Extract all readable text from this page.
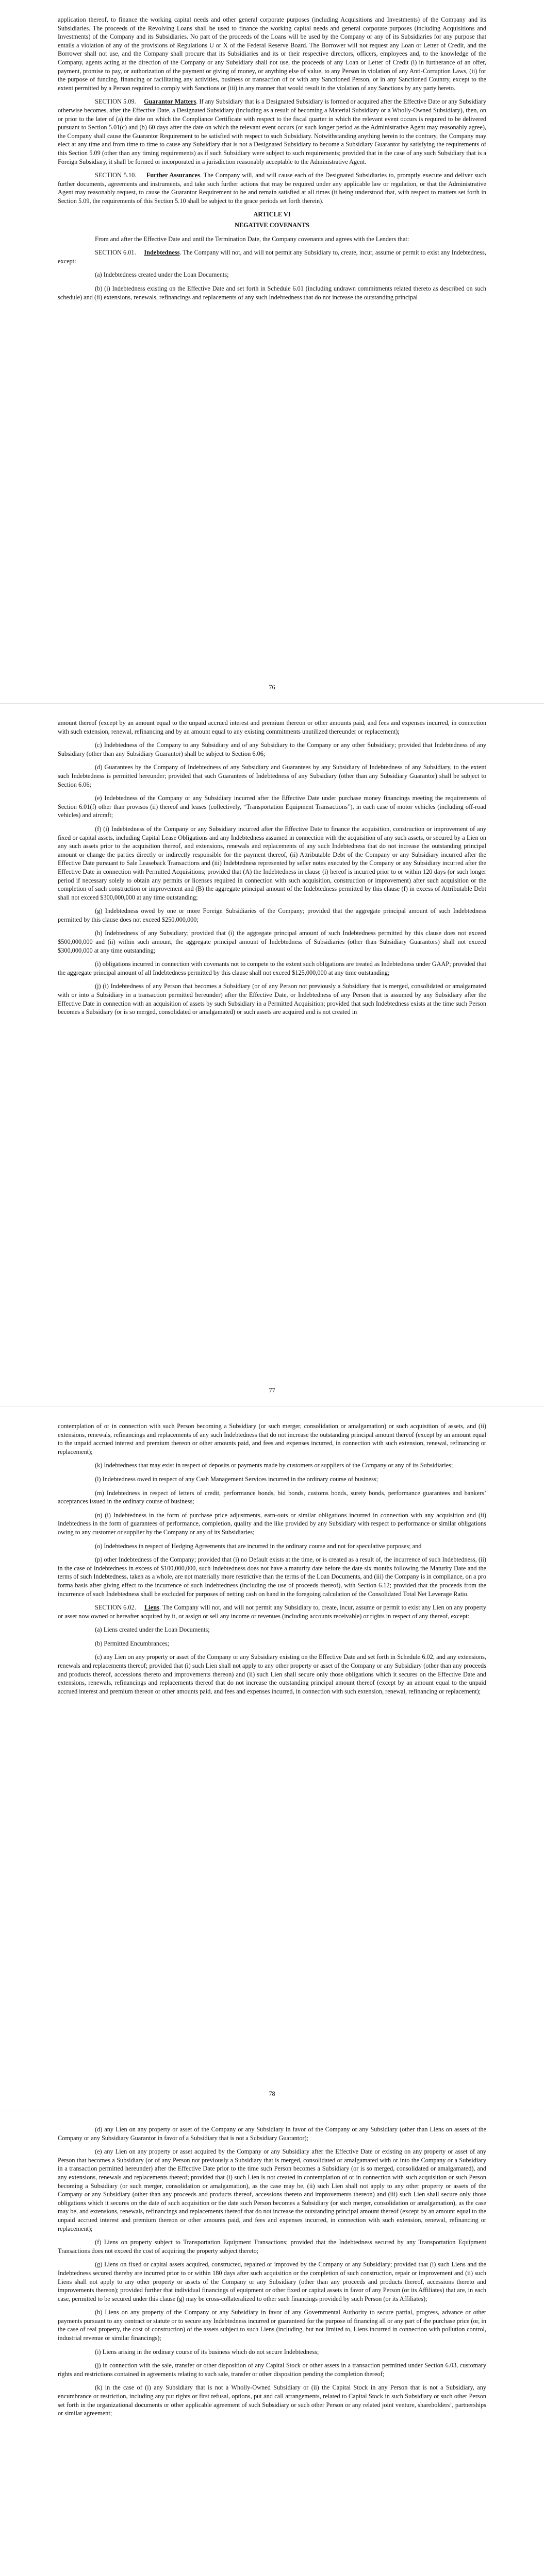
application thereof, to finance the working capital needs and other general corporate purposes (including Acquisitions and Investments) of the Company and its Subsidiaries. The proceeds of the Revolving Loans shall be used to finance the working capital needs and general corporate purposes (including Acquisitions and Investments) of the Company and its Subsidiaries. No part of the proceeds of the Loans will be used by the Company or any of its Subsidiaries for any purpose that entails a violation of any of the provisions of Regulations U or X of the Federal Reserve Board. The Borrower will not request any Loan or Letter of Credit, and the Borrower shall not use, and the Company shall procure that its Subsidiaries and its or their respective directors, officers, employees and, to the knowledge of the Company, agents acting at the direction of the Company or any Subsidiary shall not use, the proceeds of any Loan or Letter of Credit (i) in furtherance of an offer, payment, promise to pay, or authorization of the payment or giving of money, or anything else of value, to any Person in violation of any Anti-Corruption Laws, (ii) for the purpose of funding, financing or facilitating any activities, business or transaction of or with any Sanctioned Person, or in any Sanctioned Country, except to the extent permitted by a Person required to comply with Sanctions or (iii) in any manner that would result in the violation of any Sanctions by any party hereto.

SECTION 5.09. Guarantor Matters. If any Subsidiary that is a Designated Subsidiary is formed or acquired after the Effective Date or any Subsidiary otherwise becomes, after the Effective Date, a Designated Subsidiary (including as a result of becoming a Material Subsidiary or a Wholly-Owned Subsidiary), then, on or prior to the later of (a) the date on which the Compliance Certificate with respect to the fiscal quarter in which the relevant event occurs is required to be delivered pursuant to Section 5.01(c) and (b) 60 days after the date on which the relevant event occurs (or such longer period as the Administrative Agent may reasonably agree), the Company shall cause the Guarantor Requirement to be satisfied with respect to such Subsidiary. Notwithstanding anything herein to the contrary, the Company may elect at any time and from time to time to cause any Subsidiary that is not a Designated Subsidiary to become a Subsidiary Guarantor by satisfying the requirements of this Section 5.09 (other than any timing requirements) as if such Subsidiary were subject to such requirements; provided that in the case of any such Subsidiary that is a Foreign Subsidiary, it shall be formed or incorporated in a jurisdiction reasonably acceptable to the Administrative Agent.

SECTION 5.10. Further Assurances. The Company will, and will cause each of the Designated Subsidiaries to, promptly execute and deliver such further documents, agreements and instruments, and take such further actions that may be required under any applicable law or regulation, or that the Administrative Agent may reasonably request, to cause the Guarantor Requirement to be and remain satisfied at all times (it being understood that, with respect to matters set forth in Section 5.09, the requirements of this Section 5.10 shall be subject to the grace periods set forth therein).

ARTICLE VI

NEGATIVE COVENANTS

From and after the Effective Date and until the Termination Date, the Company covenants and agrees with the Lenders that:

SECTION 6.01. Indebtedness. The Company will not, and will not permit any Subsidiary to, create, incur, assume or permit to exist any Indebtedness, except:

(a) Indebtedness created under the Loan Documents;

(b) (i) Indebtedness existing on the Effective Date and set forth in Schedule 6.01 (including undrawn commitments related thereto as described on such schedule) and (ii) extensions, renewals, refinancings and replacements of any such Indebtedness that do not increase the outstanding principal

76

amount thereof (except by an amount equal to the unpaid accrued interest and premium thereon or other amounts paid, and fees and expenses incurred, in connection with such extension, renewal, refinancing and by an amount equal to any existing commitments unutilized thereunder or replacement);

(c) Indebtedness of the Company to any Subsidiary and of any Subsidiary to the Company or any other Subsidiary; provided that Indebtedness of any Subsidiary (other than any Subsidiary Guarantor) shall be subject to Section 6.06;

(d) Guarantees by the Company of Indebtedness of any Subsidiary and Guarantees by any Subsidiary of Indebtedness of any Subsidiary, to the extent such Indebtedness is permitted hereunder; provided that such Guarantees of Indebtedness of any Subsidiary (other than any Subsidiary Guarantor) shall be subject to Section 6.06;

(e) Indebtedness of the Company or any Subsidiary incurred after the Effective Date under purchase money financings meeting the requirements of Section 6.01(f) other than provisos (ii) thereof and leases (collectively, “Transportation Equipment Transactions”), in each case of motor vehicles (including off-road vehicles) and aircraft;

(f) (i) Indebtedness of the Company or any Subsidiary incurred after the Effective Date to finance the acquisition, construction or improvement of any fixed or capital assets, including Capital Lease Obligations and any Indebtedness assumed in connection with the acquisition of any such assets, or secured by a Lien on any such assets prior to the acquisition thereof, and extensions, renewals and replacements of any such Indebtedness that do not increase the outstanding principal amount or change the parties directly or indirectly responsible for the payment thereof, (ii) Attributable Debt of the Company or any Subsidiary incurred after the Effective Date pursuant to Sale Leaseback Transactions and (iii) Indebtedness represented by seller notes executed by the Company or any Subsidiary incurred after the Effective Date in connection with Permitted Acquisitions; provided that (A) the Indebtedness in clause (i) hereof is incurred prior to or within 120 days (or such longer period if necessary solely to obtain any permits or licenses required in connection with such acquisition, construction or improvement) after such acquisition or the completion of such construction or improvement and (B) the aggregate principal amount of the Indebtedness permitted by this clause (f) in excess of Attributable Debt shall not exceed $300,000,000 at any time outstanding;

(g) Indebtedness owed by one or more Foreign Subsidiaries of the Company; provided that the aggregate principal amount of such Indebtedness permitted by this clause does not exceed $250,000,000;

(h) Indebtedness of any Subsidiary; provided that (i) the aggregate principal amount of such Indebtedness permitted by this clause does not exceed $500,000,000 and (ii) within such amount, the aggregate principal amount of Indebtedness of Subsidiaries (other than Subsidiary Guarantors) shall not exceed $300,000,000 at any time outstanding;

(i) obligations incurred in connection with covenants not to compete to the extent such obligations are treated as Indebtedness under GAAP; provided that the aggregate principal amount of all Indebtedness permitted by this clause shall not exceed $125,000,000 at any time outstanding;

(j) (i) Indebtedness of any Person that becomes a Subsidiary (or of any Person not previously a Subsidiary that is merged, consolidated or amalgamated with or into a Subsidiary in a transaction permitted hereunder) after the Effective Date, or Indebtedness of any Person that is assumed by any Subsidiary after the Effective Date in connection with an acquisition of assets by such Subsidiary in a Permitted Acquisition; provided that such Indebtedness exists at the time such Person becomes a Subsidiary (or is so merged, consolidated or amalgamated) or such assets are acquired and is not created in

77

contemplation of or in connection with such Person becoming a Subsidiary (or such merger, consolidation or amalgamation) or such acquisition of assets, and (ii) extensions, renewals, refinancings and replacements of any such Indebtedness that do not increase the outstanding principal amount thereof (except by an amount equal to the unpaid accrued interest and premium thereon or other amounts paid, and fees and expenses incurred, in connection with such extension, renewal, refinancing or replacement);

(k) Indebtedness that may exist in respect of deposits or payments made by customers or suppliers of the Company or any of its Subsidiaries;

(l) Indebtedness owed in respect of any Cash Management Services incurred in the ordinary course of business;

(m) Indebtedness in respect of letters of credit, performance bonds, bid bonds, customs bonds, surety bonds, performance guarantees and bankers’ acceptances issued in the ordinary course of business;

(n) (i) Indebtedness in the form of purchase price adjustments, earn-outs or similar obligations incurred in connection with any acquisition and (ii) Indebtedness in the form of guarantees of performance, completion, quality and the like provided by any Subsidiary with respect to performance or similar obligations owing to any customer or supplier by the Company or any of its Subsidiaries;

(o) Indebtedness in respect of Hedging Agreements that are incurred in the ordinary course and not for speculative purposes; and

(p) other Indebtedness of the Company; provided that (i) no Default exists at the time, or is created as a result of, the incurrence of such Indebtedness, (ii) in the case of Indebtedness in excess of $100,000,000, such Indebtedness does not have a maturity date before the date six months following the Maturity Date and the terms of such Indebtedness, taken as a whole, are not materially more restrictive than the terms of the Loan Documents, and (iii) the Company is in compliance, on a pro forma basis after giving effect to the incurrence of such Indebtedness (including the use of proceeds thereof), with Section 6.12; provided that the proceeds from the incurrence of such Indebtedness shall be excluded for purposes of netting cash on hand in the foregoing calculation of the Consolidated Total Net Leverage Ratio.

SECTION 6.02. Liens. The Company will not, and will not permit any Subsidiary to, create, incur, assume or permit to exist any Lien on any property or asset now owned or hereafter acquired by it, or assign or sell any income or revenues (including accounts receivable) or rights in respect of any thereof, except:

(a) Liens created under the Loan Documents;

(b) Permitted Encumbrances;

(c) any Lien on any property or asset of the Company or any Subsidiary existing on the Effective Date and set forth in Schedule 6.02, and any extensions, renewals and replacements thereof; provided that (i) such Lien shall not apply to any other property or asset of the Company or any Subsidiary (other than any proceeds and products thereof, accessions thereto and improvements thereon) and (ii) such Lien shall secure only those obligations which it secures on the Effective Date and extensions, renewals, refinancings and replacements thereof that do not increase the outstanding principal amount thereof (except by an amount equal to the unpaid accrued interest and premium thereon or other amounts paid, and fees and expenses incurred, in connection with such extension, renewal, refinancing or replacement);

78

(d) any Lien on any property or asset of the Company or any Subsidiary in favor of the Company or any Subsidiary (other than Liens on assets of the Company or any Subsidiary Guarantor in favor of a Subsidiary that is not a Subsidiary Guarantor);

(e) any Lien on any property or asset acquired by the Company or any Subsidiary after the Effective Date or existing on any property or asset of any Person that becomes a Subsidiary (or of any Person not previously a Subsidiary that is merged, consolidated or amalgamated with or into the Company or a Subsidiary in a transaction permitted hereunder) after the Effective Date prior to the time such Person becomes a Subsidiary (or is so merged, consolidated or amalgamated), and any extensions, renewals and replacements thereof; provided that (i) such Lien is not created in contemplation of or in connection with such acquisition or such Person becoming a Subsidiary (or such merger, consolidation or amalgamation), as the case may be, (ii) such Lien shall not apply to any other property or assets of the Company or any Subsidiary (other than any proceeds and products thereof, accessions thereto and improvements thereon) and (iii) such Lien shall secure only those obligations which it secures on the date of such acquisition or the date such Person becomes a Subsidiary (or such merger, consolidation or amalgamation), as the case may be, and extensions, renewals, refinancings and replacements thereof that do not increase the outstanding principal amount thereof (except by an amount equal to the unpaid accrued interest and premium thereon or other amounts paid, and fees and expenses incurred, in connection with such extension, renewal, refinancing or replacement);

(f) Liens on property subject to Transportation Equipment Transactions; provided that the Indebtedness secured by any Transportation Equipment Transactions does not exceed the cost of acquiring the property subject thereto;

(g) Liens on fixed or capital assets acquired, constructed, repaired or improved by the Company or any Subsidiary; provided that (i) such Liens and the Indebtedness secured thereby are incurred prior to or within 180 days after such acquisition or the completion of such construction, repair or improvement and (ii) such Liens shall not apply to any other property or assets of the Company or any Subsidiary (other than any proceeds and products thereof, accessions thereto and improvements thereon); provided further that individual financings of equipment or other fixed or capital assets in favor of any Person (or its Affiliates) that are, in each case, permitted to be secured under this clause (g) may be cross-collateralized to other such financings provided by such Person (or its Affiliates);

(h) Liens on any property of the Company or any Subsidiary in favor of any Governmental Authority to secure partial, progress, advance or other payments pursuant to any contract or statute or to secure any Indebtedness incurred or guaranteed for the purpose of financing all or any part of the purchase price (or, in the case of real property, the cost of construction) of the assets subject to such Liens (including, but not limited to, Liens incurred in connection with pollution control, industrial revenue or similar financings);

(i) Liens arising in the ordinary course of its business which do not secure Indebtedness;

(j) in connection with the sale, transfer or other disposition of any Capital Stock or other assets in a transaction permitted under Section 6.03, customary rights and restrictions contained in agreements relating to such sale, transfer or other disposition pending the completion thereof;

(k) in the case of (i) any Subsidiary that is not a Wholly-Owned Subsidiary or (ii) the Capital Stock in any Person that is not a Subsidiary, any encumbrance or restriction, including any put rights or first refusal, options, put and call arrangements, related to Capital Stock in such Subsidiary or such other Person set forth in the organizational documents or other applicable agreement of such Subsidiary or such other Person or any related joint venture, shareholders’, partnerships or similar agreement;
